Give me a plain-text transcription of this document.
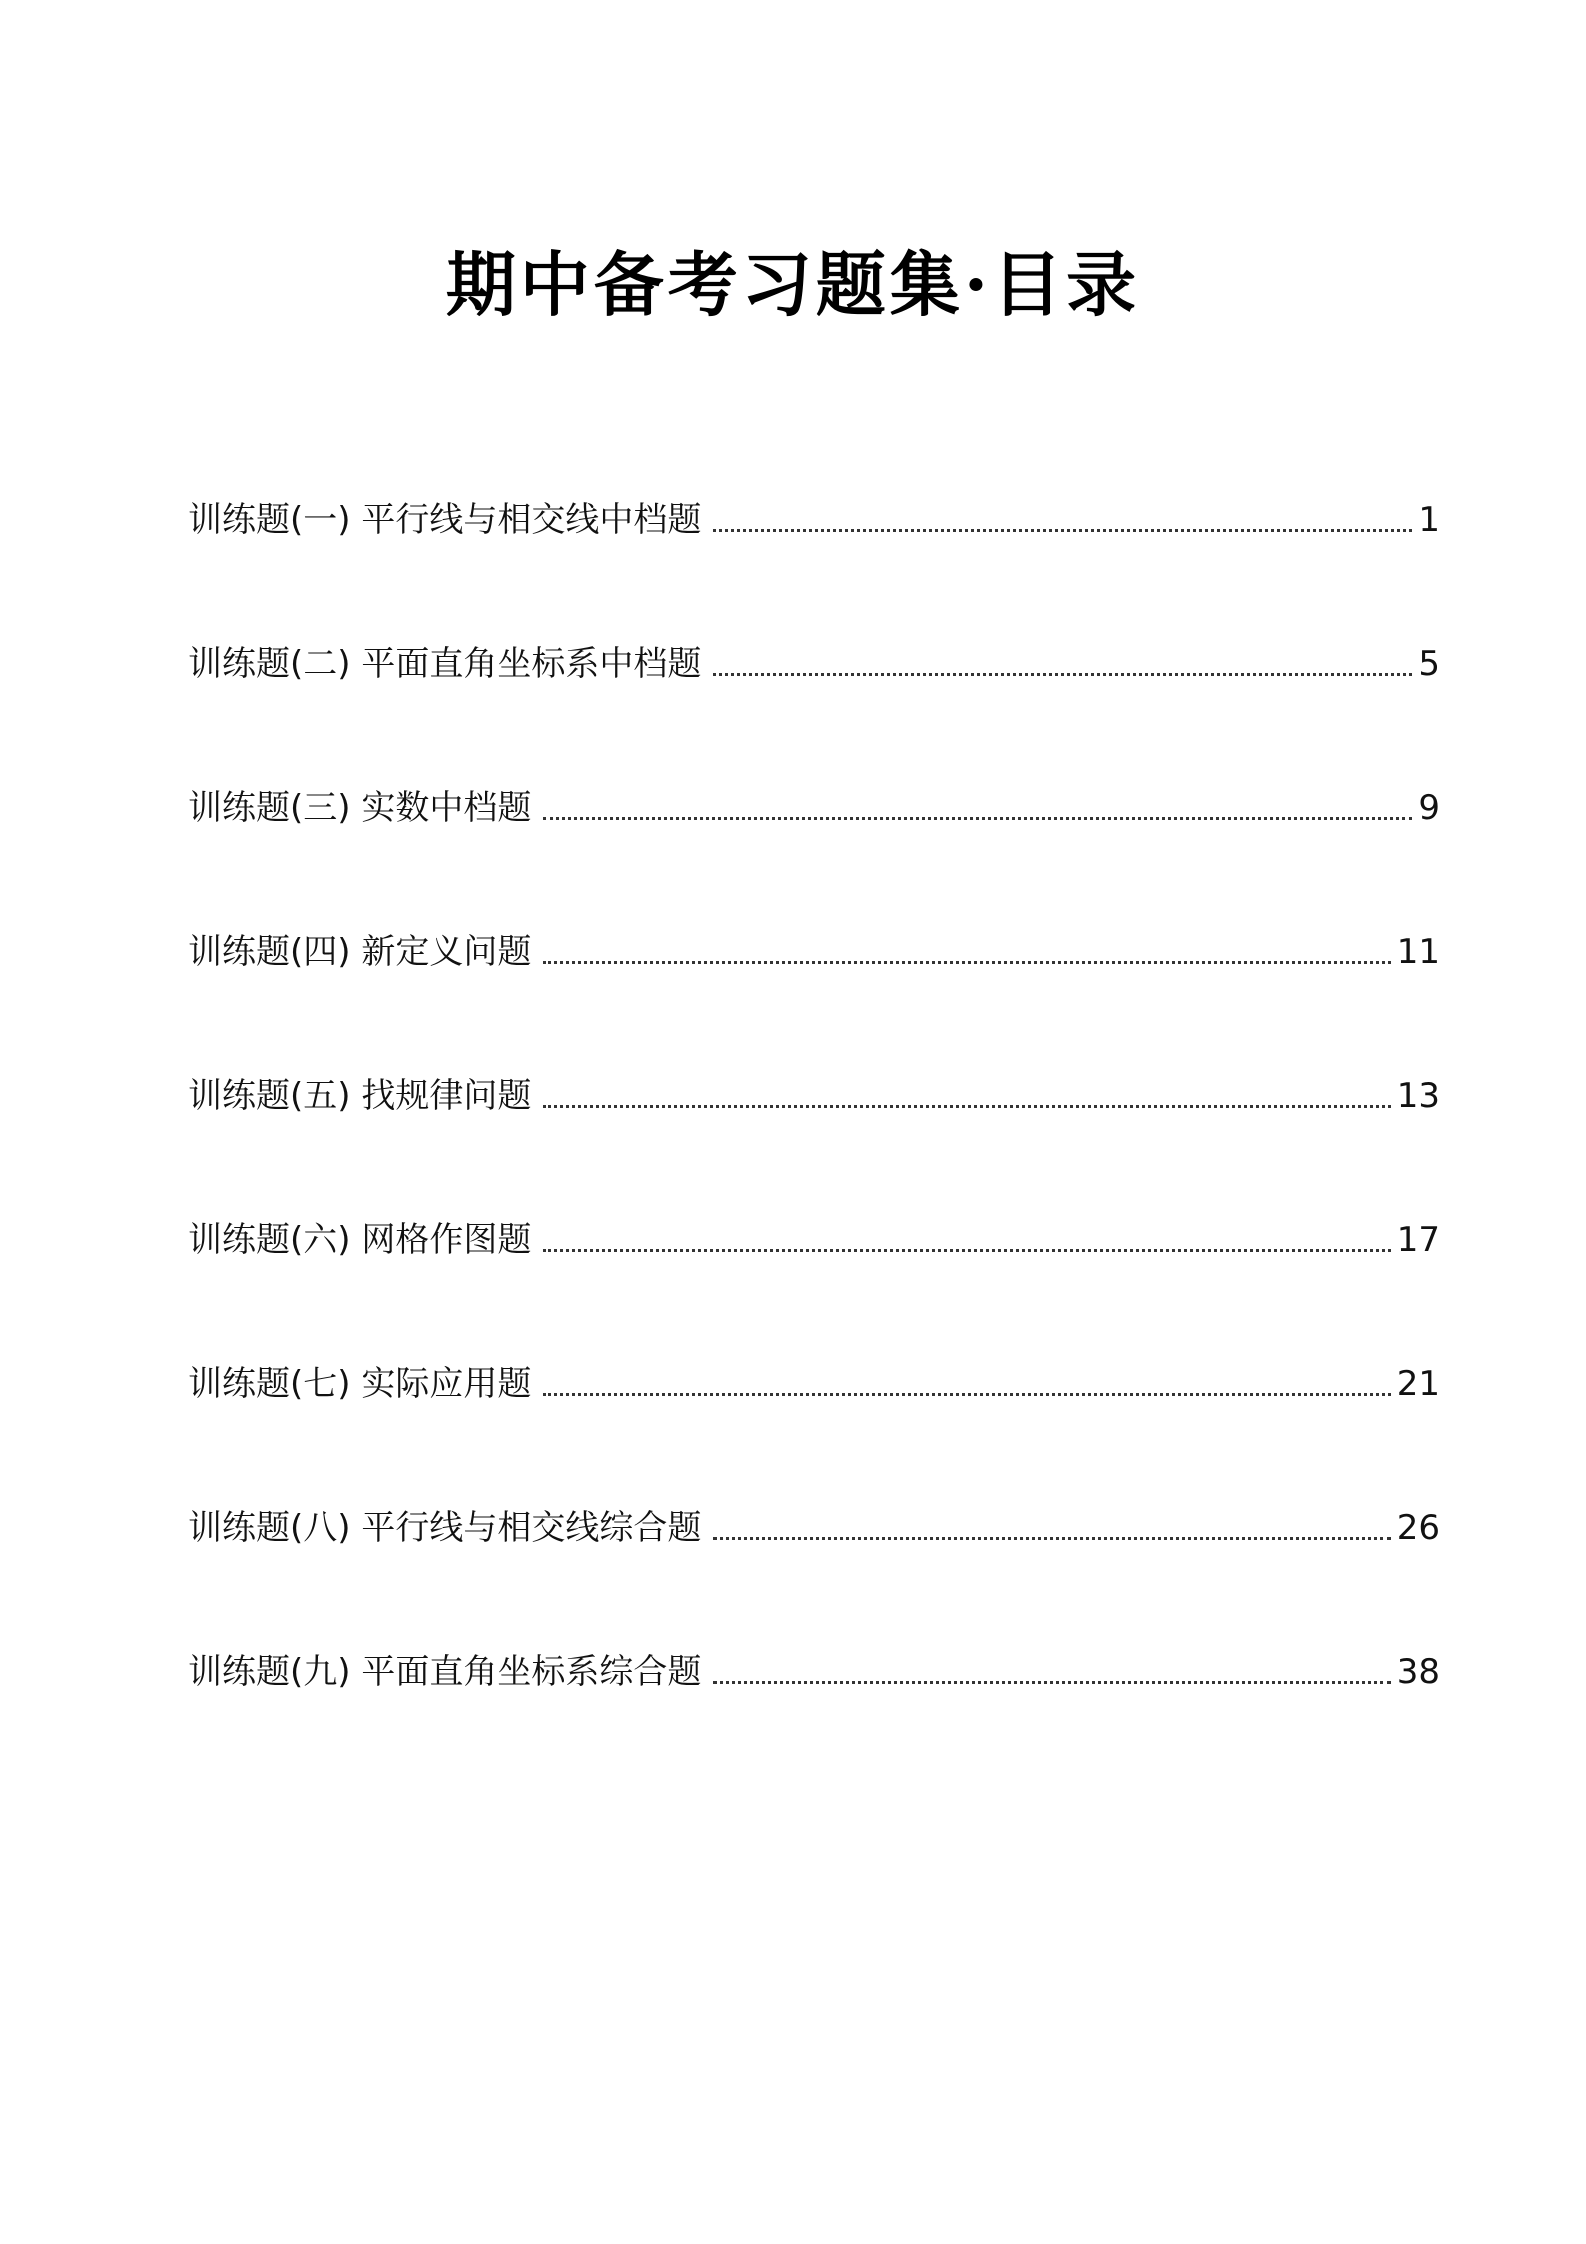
期中备考习题集·目录
训练题(一) 平行线与相交线中档题	1
训练题(二) 平面直角坐标系中档题	5
训练题(三) 实数中档题	9
训练题(四) 新定义问题	11
训练题(五) 找规律问题	13
训练题(六) 网格作图题	17
训练题(七) 实际应用题	21
训练题(八) 平行线与相交线综合题	26
训练题(九) 平面直角坐标系综合题	38
